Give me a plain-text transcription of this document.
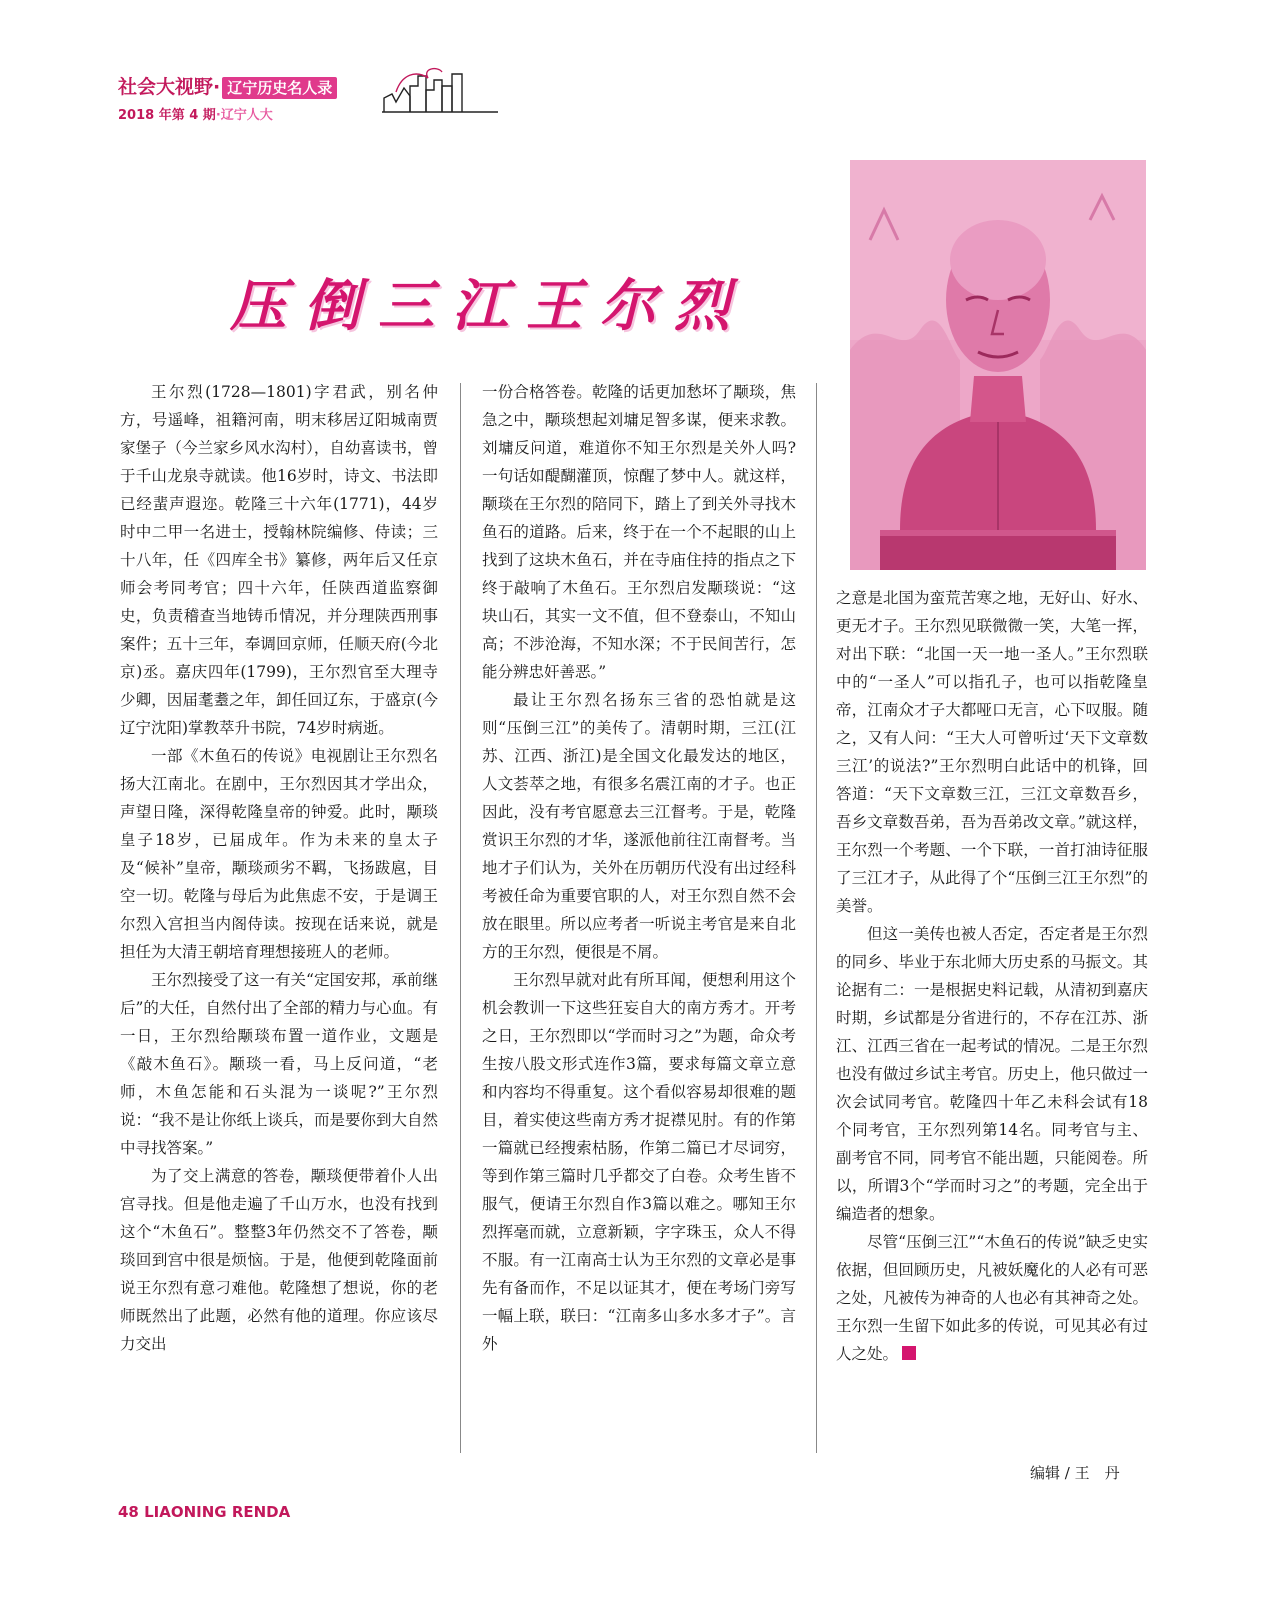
社会大视野· 辽宁历史名人录
2018 年第 4 期·辽宁人大
压倒三江王尔烈

王尔烈(1728—1801)字君武，别名仲方，号遥峰，祖籍河南，明末移居辽阳城南贾家堡子（今兰家乡风水沟村），自幼喜读书，曾于千山龙泉寺就读。他16岁时，诗文、书法即已经蜚声遐迩。乾隆三十六年(1771)，44岁时中二甲一名进士，授翰林院编修、侍读；三十八年，任《四库全书》纂修，两年后又任京师会考同考官；四十六年，任陕西道监察御史，负责稽查当地铸币情况，并分理陕西刑事案件；五十三年，奉调回京师，任顺天府(今北京)丞。嘉庆四年(1799)，王尔烈官至大理寺少卿，因届耄耋之年，卸任回辽东，于盛京(今辽宁沈阳)掌教萃升书院，74岁时病逝。

一部《木鱼石的传说》电视剧让王尔烈名扬大江南北。在剧中，王尔烈因其才学出众，声望日隆，深得乾隆皇帝的钟爱。此时，颙琰皇子18岁，已届成年。作为未来的皇太子及“候补”皇帝，颙琰顽劣不羁，飞扬跋扈，目空一切。乾隆与母后为此焦虑不安，于是调王尔烈入宫担当内阁侍读。按现在话来说，就是担任为大清王朝培育理想接班人的老师。

王尔烈接受了这一有关“定国安邦，承前继后”的大任，自然付出了全部的精力与心血。有一日，王尔烈给颙琰布置一道作业，文题是《敲木鱼石》。颙琰一看，马上反问道，“老师，木鱼怎能和石头混为一谈呢?”王尔烈说：“我不是让你纸上谈兵，而是要你到大自然中寻找答案。”

为了交上满意的答卷，颙琰便带着仆人出宫寻找。但是他走遍了千山万水，也没有找到这个“木鱼石”。整整3年仍然交不了答卷，颙琰回到宫中很是烦恼。于是，他便到乾隆面前说王尔烈有意刁难他。乾隆想了想说，你的老师既然出了此题，必然有他的道理。你应该尽力交出

一份合格答卷。乾隆的话更加愁坏了颙琰，焦急之中，颙琰想起刘墉足智多谋，便来求教。刘墉反问道，难道你不知王尔烈是关外人吗?一句话如醍醐灌顶，惊醒了梦中人。就这样，颙琰在王尔烈的陪同下，踏上了到关外寻找木鱼石的道路。后来，终于在一个不起眼的山上找到了这块木鱼石，并在寺庙住持的指点之下终于敲响了木鱼石。王尔烈启发颙琰说：“这块山石，其实一文不值，但不登泰山，不知山高；不涉沧海，不知水深；不于民间苦行，怎能分辨忠奸善恶。”

最让王尔烈名扬东三省的恐怕就是这则“压倒三江”的美传了。清朝时期，三江(江苏、江西、浙江)是全国文化最发达的地区，人文荟萃之地，有很多名震江南的才子。也正因此，没有考官愿意去三江督考。于是，乾隆赏识王尔烈的才华，遂派他前往江南督考。当地才子们认为，关外在历朝历代没有出过经科考被任命为重要官职的人，对王尔烈自然不会放在眼里。所以应考者一听说主考官是来自北方的王尔烈，便很是不屑。

王尔烈早就对此有所耳闻，便想利用这个机会教训一下这些狂妄自大的南方秀才。开考之日，王尔烈即以“学而时习之”为题，命众考生按八股文形式连作3篇，要求每篇文章立意和内容均不得重复。这个看似容易却很难的题目，着实使这些南方秀才捉襟见肘。有的作第一篇就已经搜索枯肠，作第二篇已才尽词穷，等到作第三篇时几乎都交了白卷。众考生皆不服气，便请王尔烈自作3篇以难之。哪知王尔烈挥毫而就，立意新颖，字字珠玉，众人不得不服。有一江南高士认为王尔烈的文章必是事先有备而作，不足以证其才，便在考场门旁写一幅上联，联曰：“江南多山多水多才子”。言外

之意是北国为蛮荒苦寒之地，无好山、好水、更无才子。王尔烈见联微微一笑，大笔一挥，对出下联：“北国一天一地一圣人。”王尔烈联中的“一圣人”可以指孔子，也可以指乾隆皇帝，江南众才子大都哑口无言，心下叹服。随之，又有人问：“王大人可曾听过‘天下文章数三江’的说法?”王尔烈明白此话中的机锋，回答道：“天下文章数三江，三江文章数吾乡，吾乡文章数吾弟，吾为吾弟改文章。”就这样，王尔烈一个考题、一个下联，一首打油诗征服了三江才子，从此得了个“压倒三江王尔烈”的美誉。

但这一美传也被人否定，否定者是王尔烈的同乡、毕业于东北师大历史系的马振文。其论据有二：一是根据史料记载，从清初到嘉庆时期，乡试都是分省进行的，不存在江苏、浙江、江西三省在一起考试的情况。二是王尔烈也没有做过乡试主考官。历史上，他只做过一次会试同考官。乾隆四十年乙未科会试有18个同考官，王尔烈列第14名。同考官与主、副考官不同，同考官不能出题，只能阅卷。所以，所谓3个“学而时习之”的考题，完全出于编造者的想象。

尽管“压倒三江”“木鱼石的传说”缺乏史实依据，但回顾历史，凡被妖魔化的人必有可恶之处，凡被传为神奇的人也必有其神奇之处。王尔烈一生留下如此多的传说，可见其必有过人之处。

编辑 / 王　丹
48 LIAONING RENDA
